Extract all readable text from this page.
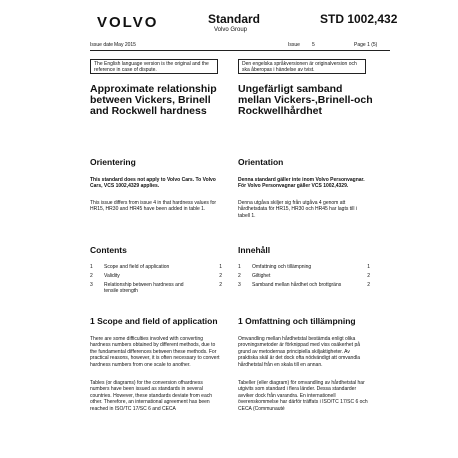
VOLVO	Standard
Volvo Group
STD 1002,432
Issue date May 2015	Issue 5	Page 1 (5)
The English language version is the original and the reference in case of dispute.
Den engelska språkversionen är originalversion och ska åberopas i händelse av tvist.
Approximate relationship between Vickers, Brinell and Rockwell hardness
Ungefärligt samband mellan Vickers-,Brinell-och Rockwellhårdhet
Orientering	Orientation
This standard does not apply to Volvo Cars. To Volvo Cars, VCS 1002,4329 applies.
Denna standard gäller inte inom Volvo Personvagnar. För Volvo Personvagnar gäller VCS 1002,4329.
This issue differs from issue 4 in that hardness values for HR15, HR30 and HR45 have been added in table 1.
Denna utgåva skiljer sig från utgåva 4 genom att hårdhetsdata för HR15, HR30 och HR45 har lagts till i tabell 1.
Contents	Innehåll
1 Scope and field of application	1
2 Validity	2
3 Relationship between hardness and tensile strength
2
1 Omfattning och tillämpning	1
2 Giltighet	2
3 Samband mellan hårdhet och brottgräns	2
1 Scope and field of application 1 Omfattning och tillämpning
There are some difficulties involved with converting hardness numbers obtained by different methods, due to the fundamental differences between these methods. For practical reasons, however, it is often necessary to convert hardness numbers from one scale to another.
Omvandling mellan hårdhetstal bestämda enligt olika provningsmetoder är förknippad med viss osäkerhet på grund av metodernas principiella skiljaktigheter. Av praktiska skäl är det dock ofta nödvändigt att omvandla hårdhetstal från en skala till en annan.
Tables (or diagrams) for the conversion ofhardness numbers have been issued as standards in several countries. However, these standards deviate from each other. Therefore, an international agreement has been reached in ISO/TC 17/SC 6 and CECA
Tabeller (eller diagram) för omvandling av hårdhetstal har utgivits som standard i flera länder. Dessa standarder avviker dock från varandra. En internationell överenskommelse har därför träffats i ISO/TC 17/SC 6 och CECA (Communauté
